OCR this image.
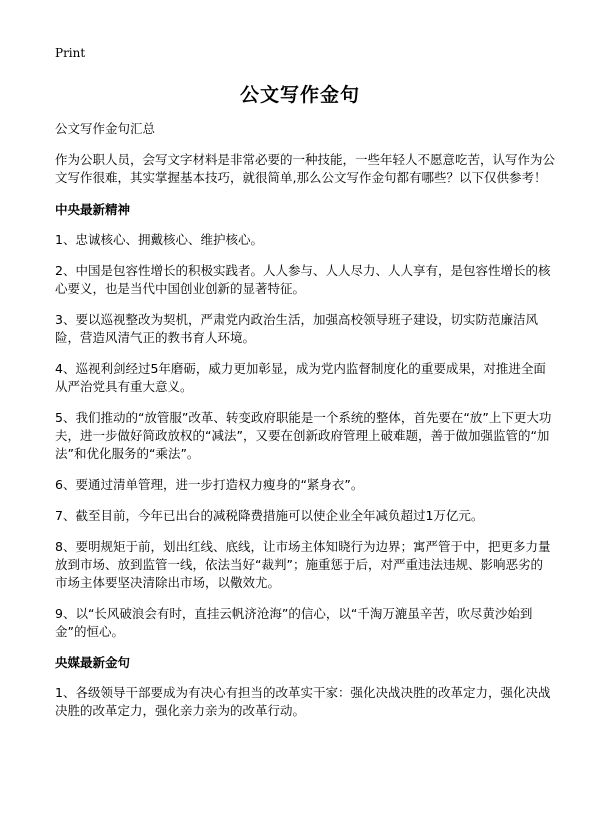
Print
公文写作金句

公文写作金句汇总

作为公职人员，会写文字材料是非常必要的一种技能，一些年轻人不愿意吃苦，认写作为公文写作很难，其实掌握基本技巧，就很简单,那么公文写作金句都有哪些？以下仅供参考！

中央最新精神

1、忠诚核心、拥戴核心、维护核心。

2、中国是包容性增长的积极实践者。人人参与、人人尽力、人人享有，是包容性增长的核心要义，也是当代中国创业创新的显著特征。

3、要以巡视整改为契机，严肃党内政治生活，加强高校领导班子建设，切实防范廉洁风险，营造风清气正的教书育人环境。

4、巡视利剑经过5年磨砺，威力更加彰显，成为党内监督制度化的重要成果，对推进全面从严治党具有重大意义。

5、我们推动的“放管服”改革、转变政府职能是一个系统的整体，首先要在“放”上下更大功夫，进一步做好简政放权的“减法”，又要在创新政府管理上破难题，善于做加强监管的“加法”和优化服务的“乘法”。

6、要通过清单管理，进一步打造权力瘦身的“紧身衣”。

7、截至目前，今年已出台的减税降费措施可以使企业全年减负超过1万亿元。

8、要明规矩于前，划出红线、底线，让市场主体知晓行为边界；寓严管于中，把更多力量放到市场、放到监管一线，依法当好“裁判”；施重惩于后，对严重违法违规、影响恶劣的市场主体要坚决清除出市场，以儆效尤。

9、以“长风破浪会有时，直挂云帆济沧海”的信心，以“千淘万漉虽辛苦，吹尽黄沙始到金”的恒心。

央媒最新金句

1、各级领导干部要成为有决心有担当的改革实干家：强化决战决胜的改革定力，强化决战决胜的改革定力，强化亲力亲为的改革行动。
